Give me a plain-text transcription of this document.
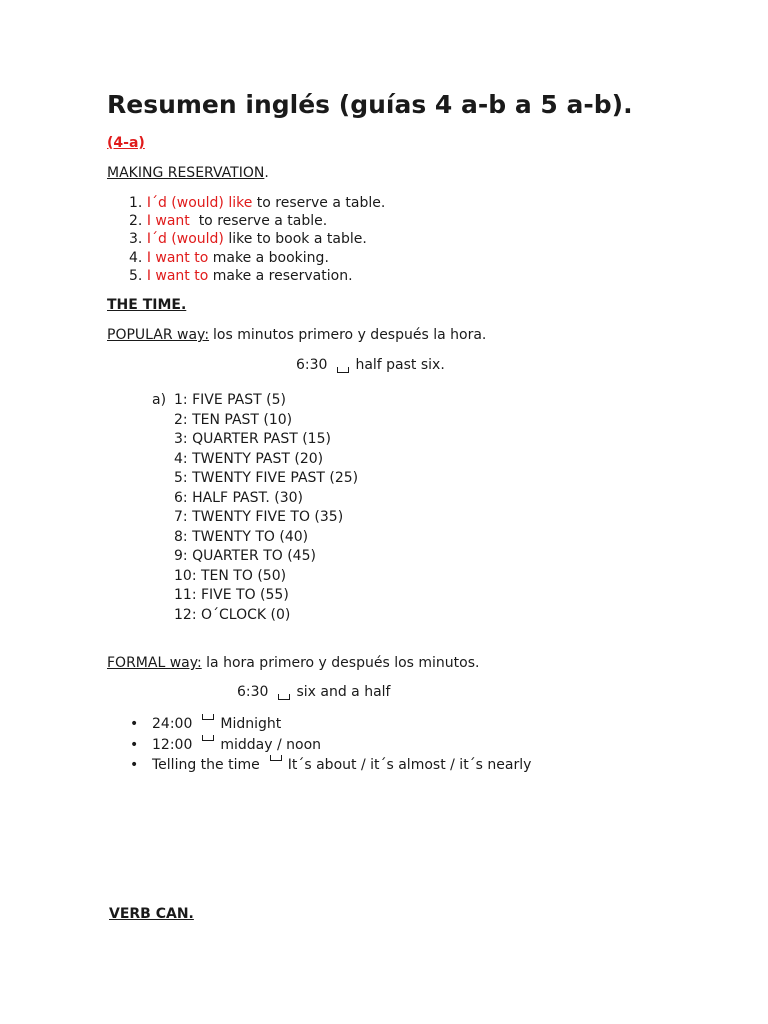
Resumen inglés (guías 4 a-b a 5 a-b).
(4-a)
MAKING RESERVATION.
1. I´d (would) like to reserve a table.
2. I want  to reserve a table.
3. I´d (would) like to book a table.
4. I want to make a booking.
5. I want to make a reservation.
THE TIME.
POPULAR way: los minutos primero y después la hora.
6:30 half past six.
a) 1: FIVE PAST (5)
2: TEN PAST (10)
3: QUARTER PAST (15)
4: TWENTY PAST (20)
5: TWENTY FIVE PAST (25)
6: HALF PAST. (30)
7: TWENTY FIVE TO (35)
8: TWENTY TO (40)
9: QUARTER TO (45)
10: TEN TO (50)
11: FIVE TO (55)
12: O´CLOCK (0)
FORMAL way: la hora primero y después los minutos.
6:30 six and a half
• 24:00 Midnight
• 12:00 midday / noon
• Telling the time It´s about / it´s almost / it´s nearly
VERB CAN.
